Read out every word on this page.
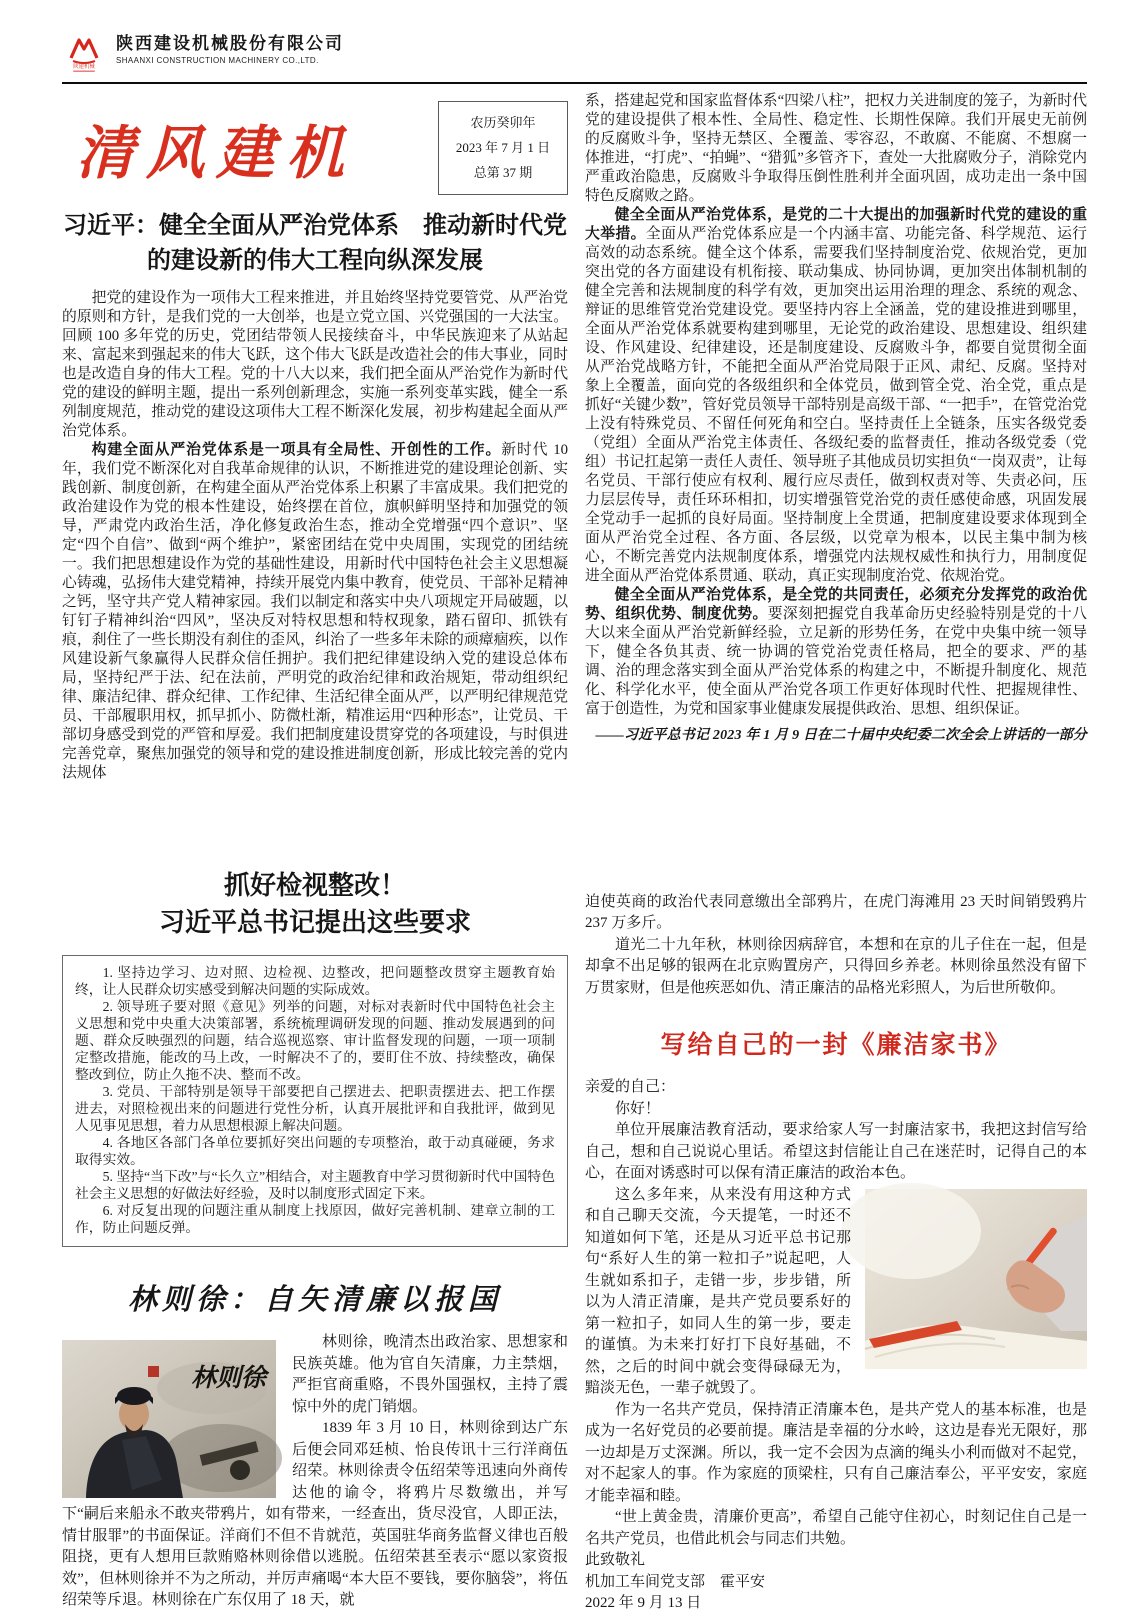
陕建机械
陕西建设机械股份有限公司
SHAANXI CONSTRUCTION MACHINERY CO.,LTD.
清风建机	农历癸卯年
2023 年 7 月 1 日
总第 37 期
习近平：健全全面从严治党体系　推动新时代党
的建设新的伟大工程向纵深发展

把党的建设作为一项伟大工程来推进，并且始终坚持党要管党、从严治党的原则和方针，是我们党的一大创举，也是立党立国、兴党强国的一大法宝。回顾 100 多年党的历史，党团结带领人民接续奋斗，中华民族迎来了从站起来、富起来到强起来的伟大飞跃，这个伟大飞跃是改造社会的伟大事业，同时也是改造自身的伟大工程。党的十八大以来，我们把全面从严治党作为新时代党的建设的鲜明主题，提出一系列创新理念，实施一系列变革实践，健全一系列制度规范，推动党的建设这项伟大工程不断深化发展，初步构建起全面从严治党体系。

构建全面从严治党体系是一项具有全局性、开创性的工作。新时代 10 年，我们党不断深化对自我革命规律的认识，不断推进党的建设理论创新、实践创新、制度创新，在构建全面从严治党体系上积累了丰富成果。我们把党的政治建设作为党的根本性建设，始终摆在首位，旗帜鲜明坚持和加强党的领导，严肃党内政治生活，净化修复政治生态，推动全党增强“四个意识”、坚定“四个自信”、做到“两个维护”，紧密团结在党中央周围，实现党的团结统一。我们把思想建设作为党的基础性建设，用新时代中国特色社会主义思想凝心铸魂，弘扬伟大建党精神，持续开展党内集中教育，使党员、干部补足精神之钙，坚守共产党人精神家园。我们以制定和落实中央八项规定开局破题，以钉钉子精神纠治“四风”，坚决反对特权思想和特权现象，踏石留印、抓铁有痕，刹住了一些长期没有刹住的歪风，纠治了一些多年未除的顽瘴痼疾，以作风建设新气象赢得人民群众信任拥护。我们把纪律建设纳入党的建设总体布局，坚持纪严于法、纪在法前，严明党的政治纪律和政治规矩，带动组织纪律、廉洁纪律、群众纪律、工作纪律、生活纪律全面从严，以严明纪律规范党员、干部履职用权，抓早抓小、防微杜渐，精准运用“四种形态”，让党员、干部切身感受到党的严管和厚爱。我们把制度建设贯穿党的各项建设，与时俱进完善党章，聚焦加强党的领导和党的建设推进制度创新，形成比较完善的党内法规体

抓好检视整改！
习近平总书记提出这些要求

1. 坚持边学习、边对照、边检视、边整改，把问题整改贯穿主题教育始终，让人民群众切实感受到解决问题的实际成效。

2. 领导班子要对照《意见》列举的问题，对标对表新时代中国特色社会主义思想和党中央重大决策部署，系统梳理调研发现的问题、推动发展遇到的问题、群众反映强烈的问题，结合巡视巡察、审计监督发现的问题，一项一项制定整改措施，能改的马上改，一时解决不了的，要盯住不放、持续整改，确保整改到位，防止久拖不决、整而不改。

3. 党员、干部特别是领导干部要把自己摆进去、把职责摆进去、把工作摆进去，对照检视出来的问题进行党性分析，认真开展批评和自我批评，做到见人见事见思想，着力从思想根源上解决问题。

4. 各地区各部门各单位要抓好突出问题的专项整治，敢于动真碰硬，务求取得实效。

5. 坚持“当下改”与“长久立”相结合，对主题教育中学习贯彻新时代中国特色社会主义思想的好做法好经验，及时以制度形式固定下来。

6. 对反复出现的问题注重从制度上找原因，做好完善机制、建章立制的工作，防止问题反弹。

林则徐：自矢清廉以报国
林则徐

林则徐，晚清杰出政治家、思想家和民族英雄。他为官自矢清廉，力主禁烟，严拒官商重赂，不畏外国强权，主持了震惊中外的虎门销烟。

1839 年 3 月 10 日，林则徐到达广东后便会同邓廷桢、怡良传讯十三行洋商伍绍荣。林则徐责令伍绍荣等迅速向外商传达他的谕令，将鸦片尽数缴出，并写下“嗣后来船永不敢夹带鸦片，如有带来，一经查出，货尽没官，人即正法，情甘服罪”的书面保证。洋商们不但不肯就范，英国驻华商务监督义律也百般阻挠，更有人想用巨款贿赂林则徐借以逃脱。伍绍荣甚至表示“愿以家资报效”，但林则徐并不为之所动，并厉声痛喝“本大臣不要钱，要你脑袋”，将伍绍荣等斥退。林则徐在广东仅用了 18 天，就

系，搭建起党和国家监督体系“四梁八柱”，把权力关进制度的笼子，为新时代党的建设提供了根本性、全局性、稳定性、长期性保障。我们开展史无前例的反腐败斗争，坚持无禁区、全覆盖、零容忍，不敢腐、不能腐、不想腐一体推进，“打虎”、“拍蝇”、“猎狐”多管齐下，查处一大批腐败分子，消除党内严重政治隐患，反腐败斗争取得压倒性胜利并全面巩固，成功走出一条中国特色反腐败之路。

健全全面从严治党体系，是党的二十大提出的加强新时代党的建设的重大举措。全面从严治党体系应是一个内涵丰富、功能完备、科学规范、运行高效的动态系统。健全这个体系，需要我们坚持制度治党、依规治党，更加突出党的各方面建设有机衔接、联动集成、协同协调，更加突出体制机制的健全完善和法规制度的科学有效，更加突出运用治理的理念、系统的观念、辩证的思维管党治党建设党。要坚持内容上全涵盖，党的建设推进到哪里，全面从严治党体系就要构建到哪里，无论党的政治建设、思想建设、组织建设、作风建设、纪律建设，还是制度建设、反腐败斗争，都要自觉贯彻全面从严治党战略方针，不能把全面从严治党局限于正风、肃纪、反腐。坚持对象上全覆盖，面向党的各级组织和全体党员，做到管全党、治全党，重点是抓好“关键少数”，管好党员领导干部特别是高级干部、“一把手”，在管党治党上没有特殊党员、不留任何死角和空白。坚持责任上全链条，压实各级党委（党组）全面从严治党主体责任、各级纪委的监督责任，推动各级党委（党组）书记扛起第一责任人责任、领导班子其他成员切实担负“一岗双责”，让每名党员、干部行使应有权利、履行应尽责任，做到权责对等、失责必问，压力层层传导，责任环环相扣，切实增强管党治党的责任感使命感，巩固发展全党动手一起抓的良好局面。坚持制度上全贯通，把制度建设要求体现到全面从严治党全过程、各方面、各层级，以党章为根本，以民主集中制为核心，不断完善党内法规制度体系，增强党内法规权威性和执行力，用制度促进全面从严治党体系贯通、联动，真正实现制度治党、依规治党。

健全全面从严治党体系，是全党的共同责任，必须充分发挥党的政治优势、组织优势、制度优势。要深刻把握党自我革命历史经验特别是党的十八大以来全面从严治党新鲜经验，立足新的形势任务，在党中央集中统一领导下，健全各负其责、统一协调的管党治党责任格局，把全的要求、严的基调、治的理念落实到全面从严治党体系的构建之中，不断提升制度化、规范化、科学化水平，使全面从严治党各项工作更好体现时代性、把握规律性、富于创造性，为党和国家事业健康发展提供政治、思想、组织保证。

——习近平总书记 2023 年 1 月 9 日在二十届中央纪委二次全会上讲话的一部分

迫使英商的政治代表同意缴出全部鸦片，在虎门海滩用 23 天时间销毁鸦片 237 万多斤。

道光二十九年秋，林则徐因病辞官，本想和在京的儿子住在一起，但是却拿不出足够的银两在北京购置房产，只得回乡养老。林则徐虽然没有留下万贯家财，但是他疾恶如仇、清正廉洁的品格光彩照人，为后世所敬仰。

写给自己的一封《廉洁家书》

亲爱的自己：

你好！

单位开展廉洁教育活动，要求给家人写一封廉洁家书，我把这封信写给自己，想和自己说说心里话。希望这封信能让自己在迷茫时，记得自己的本心，在面对诱惑时可以保有清正廉洁的政治本色。

这么多年来，从来没有用这种方式和自己聊天交流，今天提笔，一时还不知道如何下笔，还是从习近平总书记那句“系好人生的第一粒扣子”说起吧，人生就如系扣子，走错一步，步步错，所以为人清正清廉，是共产党员要系好的第一粒扣子，如同人生的第一步，要走的谨慎。为未来打好打下良好基础，不然，之后的时间中就会变得碌碌无为，黯淡无色，一辈子就毁了。

作为一名共产党员，保持清正清廉本色，是共产党人的基本标准，也是成为一名好党员的必要前提。廉洁是幸福的分水岭，这边是春光无限好，那一边却是万丈深渊。所以，我一定不会因为点滴的绳头小利而做对不起党，对不起家人的事。作为家庭的顶梁柱，只有自己廉洁奉公，平平安安，家庭才能幸福和睦。

“世上黄金贵，清廉价更高”，希望自己能守住初心，时刻记住自己是一名共产党员，也借此机会与同志们共勉。

此致敬礼

机加工车间党支部　霍平安

2022 年 9 月 13 日
